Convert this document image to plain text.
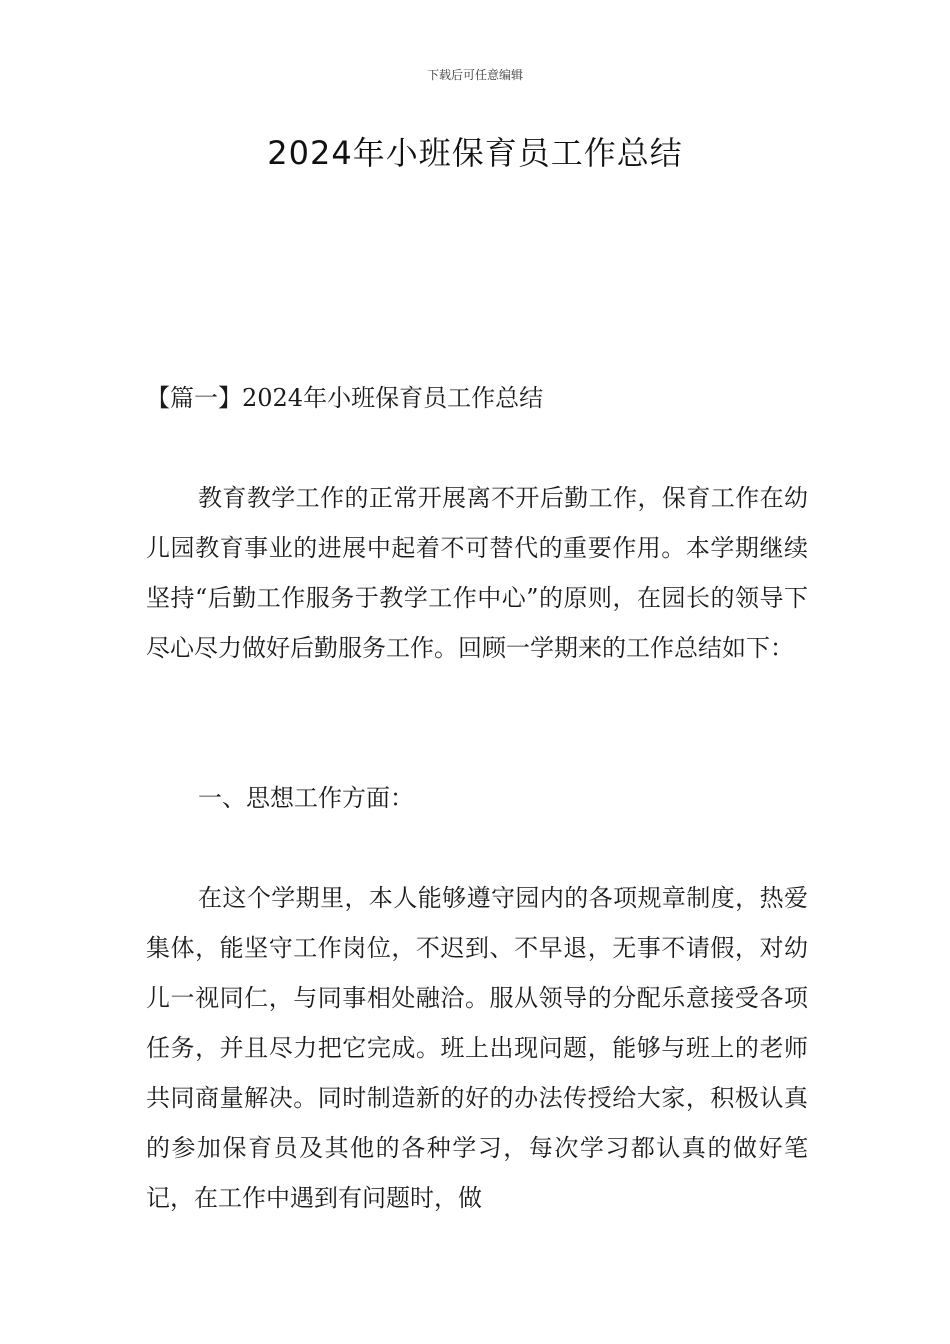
下载后可任意编辑
2024年小班保育员工作总结
【篇一】2024年小班保育员工作总结

教育教学工作的正常开展离不开后勤工作，保育工作在幼儿园教育事业的进展中起着不可替代的重要作用。本学期继续坚持“后勤工作服务于教学工作中心”的原则，在园长的领导下尽心尽力做好后勤服务工作。回顾一学期来的工作总结如下：

一、思想工作方面：

在这个学期里，本人能够遵守园内的各项规章制度，热爱集体，能坚守工作岗位，不迟到、不早退，无事不请假，对幼儿一视同仁，与同事相处融洽。服从领导的分配乐意接受各项任务，并且尽力把它完成。班上出现问题，能够与班上的老师共同商量解决。同时制造新的好的办法传授给大家，积极认真的参加保育员及其他的各种学习，每次学习都认真的做好笔记，在工作中遇到有问题时，做
